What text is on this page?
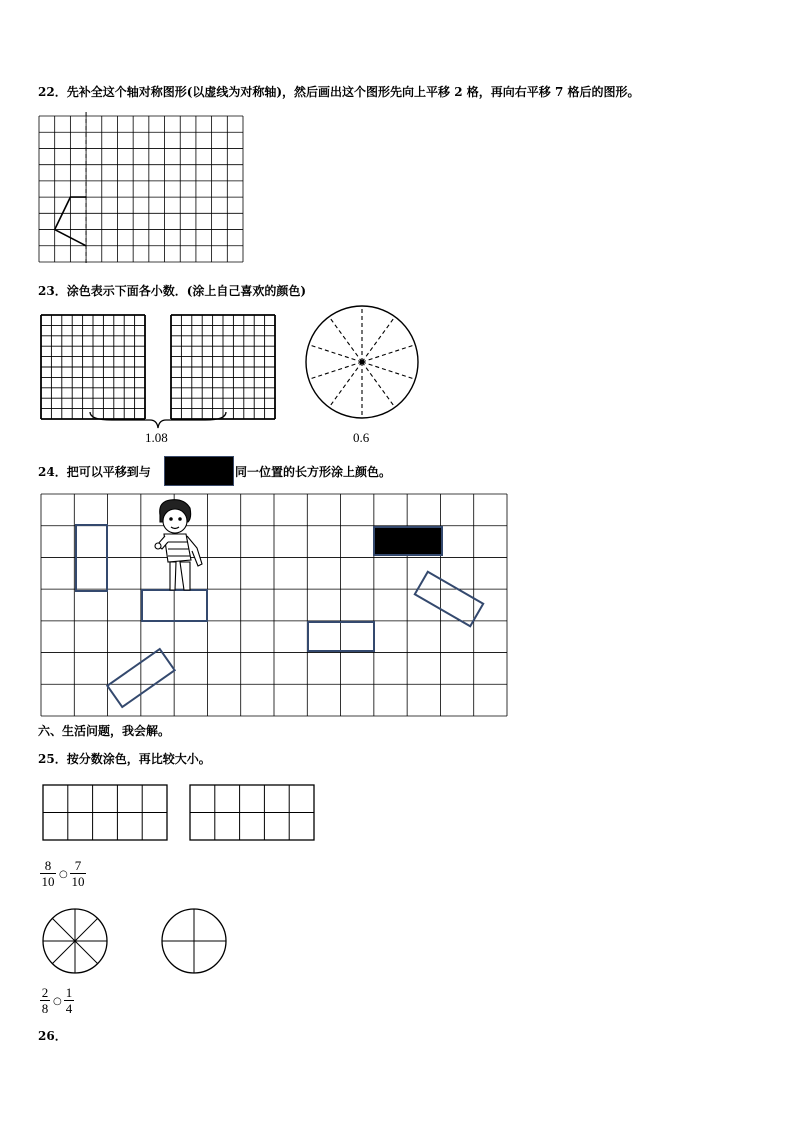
22．先补全这个轴对称图形(以虚线为对称轴)，然后画出这个图形先向上平移 2 格，再向右平移 7 格后的图形。
23．涂色表示下面各小数．(涂上自己喜欢的颜色)
1.08	0.6
24．把可以平移到与	同一位置的长方形涂上颜色。
六、生活问题，我会解。
25．按分数涂色，再比较大小。
$\frac{8}{10}$ ○ $\frac{7}{10}$
$\frac{2}{8}$ ○ $\frac{1}{4}$
26．
